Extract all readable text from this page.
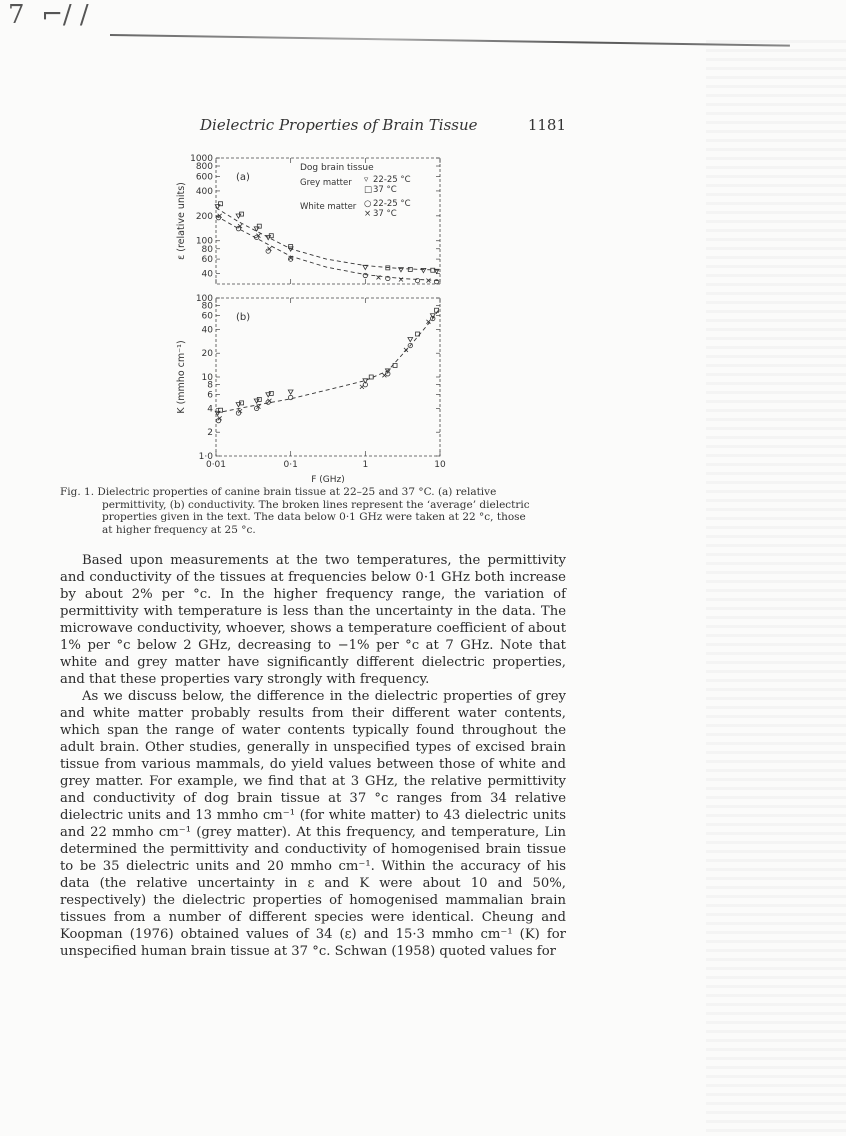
7  ⌐/ /
Dielectric Properties of Brain Tissue	1181
1000
800
600
400
200
100
80
60
40
(a)
ε (relative units)
Dog brain tissue
Grey matter ▿ 22-25 °C
□ 37 °C
White matter ○ 22-25 °C
× 37 °C
100
80
60
40
20
10
8
6
4
2
1·0
(b)
K (mmho cm⁻¹)
0·01	0·1	1	10
F (GHz)
Fig. 1. Dielectric properties of canine brain tissue at 22–25 and 37 °C. (a) relative
permittivity, (b) conductivity. The broken lines represent the ‘average’ dielectric
properties given in the text. The data below 0·1 GHz were taken at 22 °c, those
at higher frequency at 25 °c.

Based upon measurements at the two temperatures, the permittivity and conductivity of the tissues at frequencies below 0·1 GHz both increase by about 2% per °c. In the higher frequency range, the variation of permittivity with temperature is less than the uncertainty in the data. The microwave conductivity, whoever, shows a temperature coefficient of about 1% per °c below 2 GHz, decreasing to −1% per °c at 7 GHz. Note that white and grey matter have significantly different dielectric properties, and that these properties vary strongly with frequency.

As we discuss below, the difference in the dielectric properties of grey and white matter probably results from their different water contents, which span the range of water contents typically found throughout the adult brain. Other studies, generally in unspecified types of excised brain tissue from various mammals, do yield values between those of white and grey matter. For example, we find that at 3 GHz, the relative permittivity and conductivity of dog brain tissue at 37 °c ranges from 34 relative dielectric units and 13 mmho cm⁻¹ (for white matter) to 43 dielectric units and 22 mmho cm⁻¹ (grey matter). At this frequency, and temperature, Lin determined the permittivity and conductivity of homogenised brain tissue to be 35 dielectric units and 20 mmho cm⁻¹. Within the accuracy of his data (the relative uncertainty in ε and K were about 10 and 50%, respectively) the dielectric properties of homogenised mammalian brain tissues from a number of different species were identical. Cheung and Koopman (1976) obtained values of 34 (ε) and 15·3 mmho cm⁻¹ (K) for unspecified human brain tissue at 37 °c. Schwan (1958) quoted values for
